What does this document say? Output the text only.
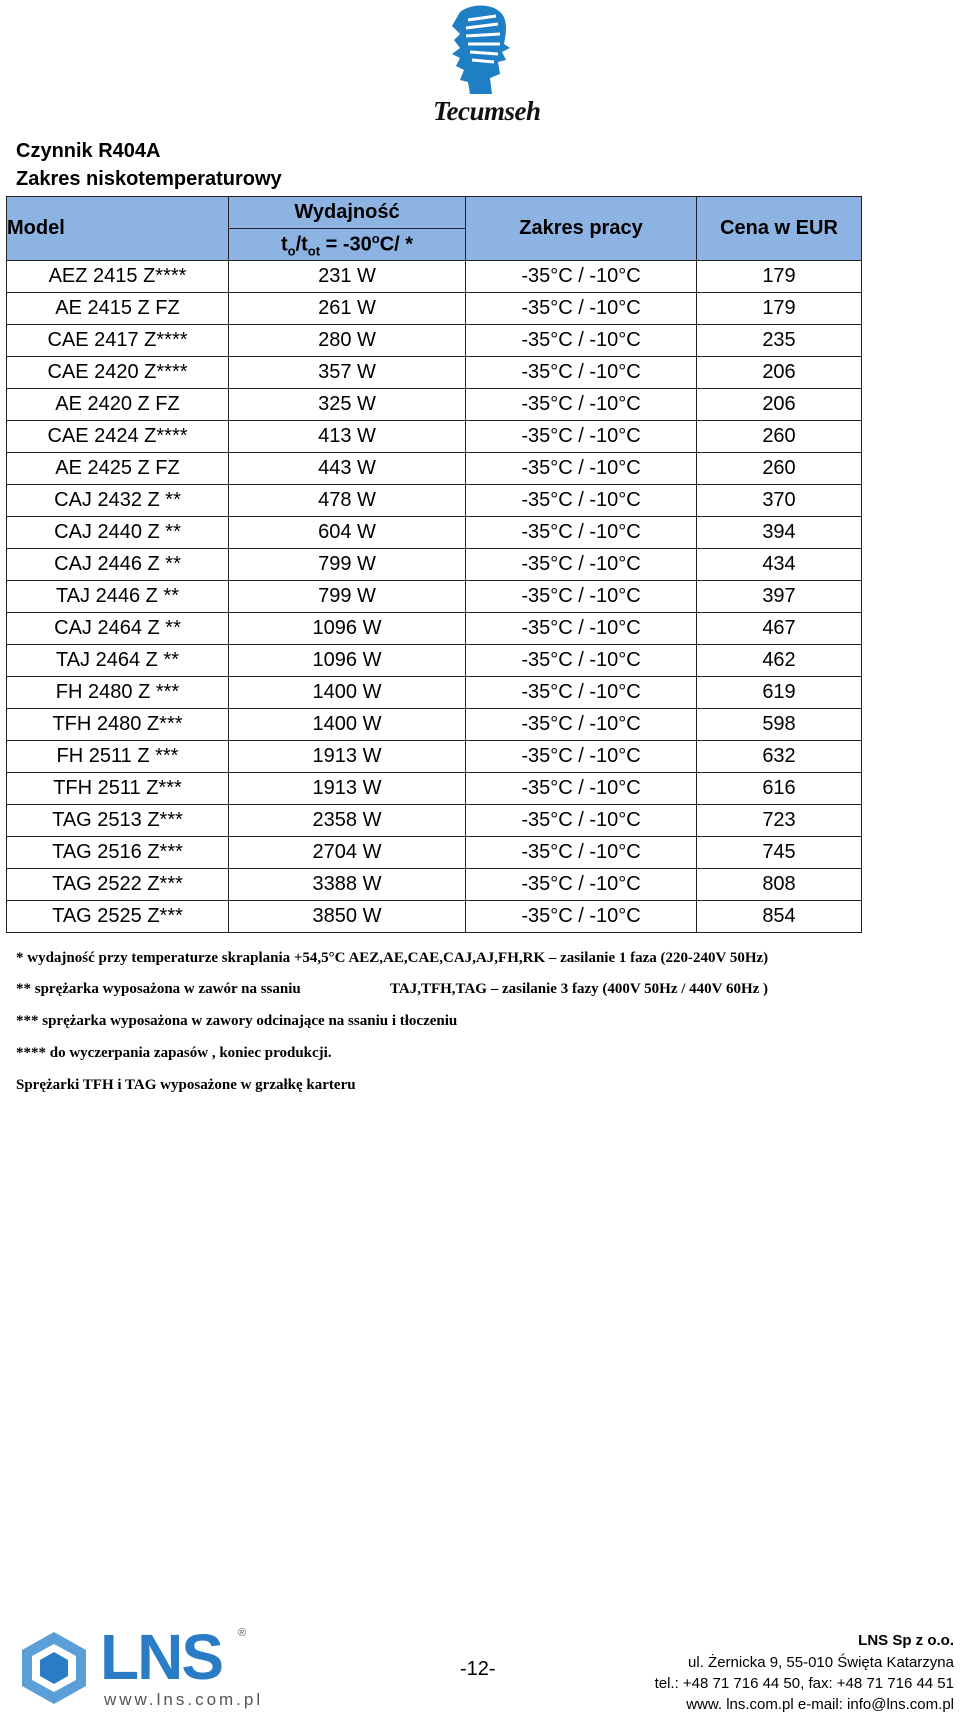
Tecumseh
Czynnik R404A
Zakres niskotemperaturowy
Model	Wydajność	Zakres pracy	Cena w EUR
	$t_o/t_{ot} = -30^oC/$ *		
AEZ 2415 Z****	231 W	-35°C / -10°C	179
AE 2415 Z FZ	261 W	-35°C / -10°C	179
CAE 2417 Z****	280 W	-35°C / -10°C	235
CAE 2420 Z****	357 W	-35°C / -10°C	206
AE 2420 Z FZ	325 W	-35°C / -10°C	206
CAE 2424 Z****	413 W	-35°C / -10°C	260
AE 2425 Z FZ	443 W	-35°C / -10°C	260
CAJ 2432 Z **	478 W	-35°C / -10°C	370
CAJ 2440 Z **	604 W	-35°C / -10°C	394
CAJ 2446 Z **	799 W	-35°C / -10°C	434
TAJ 2446 Z **	799 W	-35°C / -10°C	397
CAJ 2464 Z **	1096 W	-35°C / -10°C	467
TAJ 2464 Z **	1096 W	-35°C / -10°C	462
FH 2480 Z ***	1400 W	-35°C / -10°C	619
TFH 2480 Z***	1400 W	-35°C / -10°C	598
FH 2511 Z ***	1913 W	-35°C / -10°C	632
TFH 2511 Z***	1913 W	-35°C / -10°C	616
TAG 2513 Z***	2358 W	-35°C / -10°C	723
TAG 2516 Z***	2704 W	-35°C / -10°C	745
TAG 2522 Z***	3388 W	-35°C / -10°C	808
TAG 2525 Z***	3850 W	-35°C / -10°C	854
* wydajność przy temperaturze skraplania +54,5°C AEZ,AE,CAE,CAJ,AJ,FH,RK – zasilanie 1 faza (220-240V 50Hz)
** sprężarka wyposażona w zawór na ssaniu	TAJ,TFH,TAG – zasilanie 3 fazy (400V 50Hz / 440V 60Hz )
*** sprężarka wyposażona w zawory odcinające na ssaniu i tłoczeniu
**** do wyczerpania zapasów , koniec produkcji.
Sprężarki TFH i TAG wyposażone w grzałkę karteru
LNS ®
www.lns.com.pl
-12-
LNS Sp z o.o.
ul. Żernicka 9, 55-010 Święta Katarzyna
tel.: +48 71 716 44 50, fax: +48 71 716 44 51
www. lns.com.pl e-mail: info@lns.com.pl
